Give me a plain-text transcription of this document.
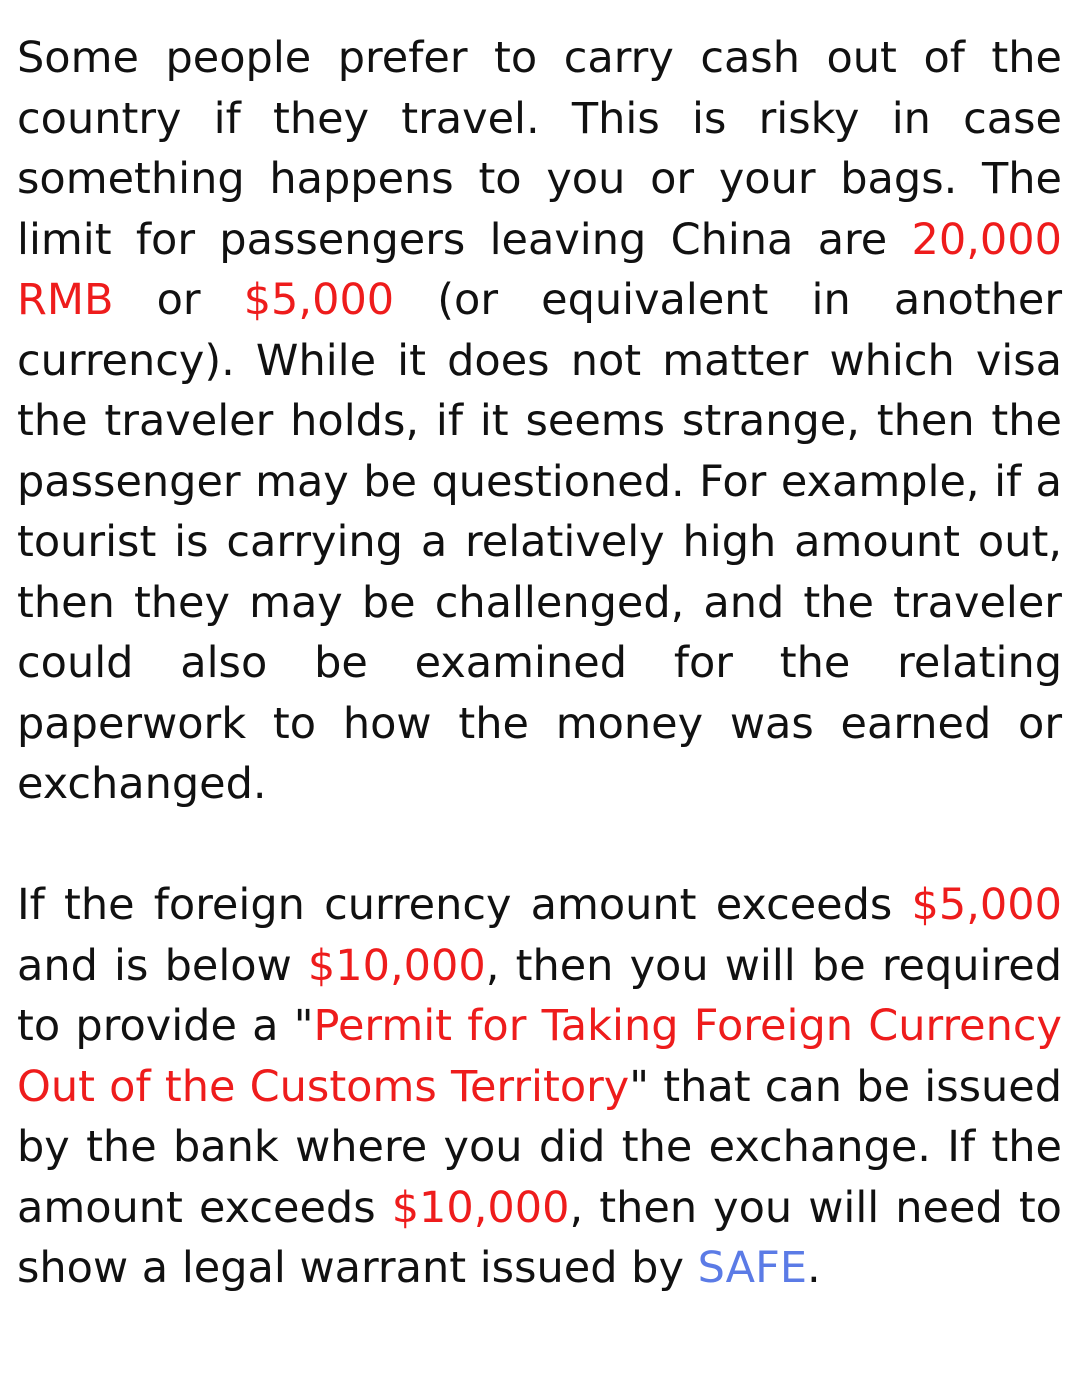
Some people prefer to carry cash out of the country if they travel. This is risky in case something happens to you or your bags. The limit for passengers leaving China are 20,000 RMB or $5,000 (or equivalent in another currency). While it does not matter which visa the traveler holds, if it seems strange, then the passenger may be questioned. For example, if a tourist is carrying a relatively high amount out, then they may be challenged, and the traveler could also be examined for the relating paperwork to how the money was earned or exchanged.

If the foreign currency amount exceeds $5,000 and is below $10,000, then you will be required to provide a "Permit for Taking Foreign Currency Out of the Customs Territory" that can be issued by the bank where you did the exchange. If the amount exceeds $10,000, then you will need to show a legal warrant issued by SAFE.
